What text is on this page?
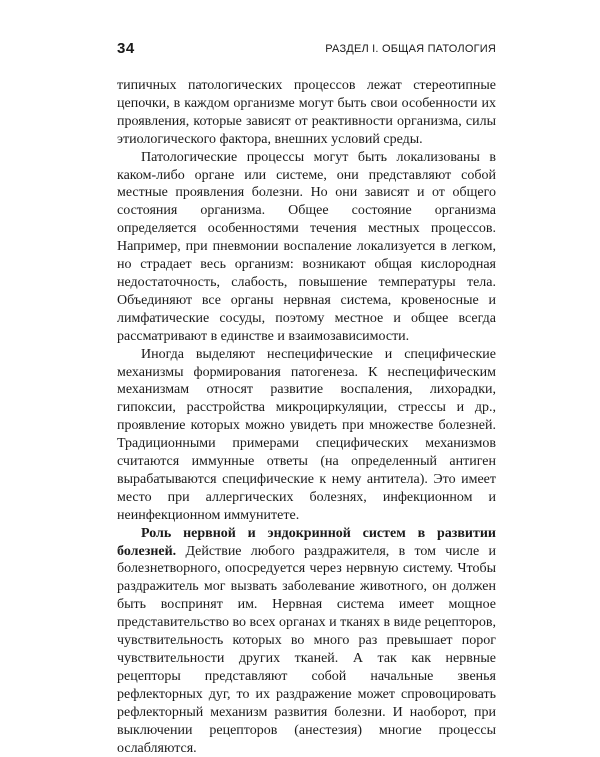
34	РАЗДЕЛ I. ОБЩАЯ ПАТОЛОГИЯ

типичных патологических процессов лежат стереотипные цепочки, в каждом организме могут быть свои особенности их проявления, которые зависят от реактивности организма, силы этиологического фактора, внешних условий среды.

Патологические процессы могут быть локализованы в каком-либо органе или системе, они представляют собой местные проявления болезни. Но они зависят и от общего состояния организма. Общее состояние организма определяется особенностями течения местных процессов. Например, при пневмонии воспаление локализуется в легком, но страдает весь организм: возникают общая кислородная недостаточность, слабость, повышение температуры тела. Объединяют все органы нервная система, кровеносные и лимфатические сосуды, поэтому местное и общее всегда рассматривают в единстве и взаимозависимости.

Иногда выделяют неспецифические и специфические механизмы формирования патогенеза. К неспецифическим механизмам относят развитие воспаления, лихорадки, гипоксии, расстройства микроциркуляции, стрессы и др., проявление которых можно увидеть при множестве болезней. Традиционными примерами специфических механизмов считаются иммунные ответы (на определенный антиген вырабатываются специфические к нему антитела). Это имеет место при аллергических болезнях, инфекционном и неинфекционном иммунитете.

Роль нервной и эндокринной систем в развитии болезней. Действие любого раздражителя, в том числе и болезнетворного, опосредуется через нервную систему. Чтобы раздражитель мог вызвать заболевание животного, он должен быть воспринят им. Нервная система имеет мощное представительство во всех органах и тканях в виде рецепторов, чувствительность которых во много раз превышает порог чувствительности других тканей. А так как нервные рецепторы представляют собой начальные звенья рефлекторных дуг, то их раздражение может спровоцировать рефлекторный механизм развития болезни. И наоборот, при выключении рецепторов (анестезия) многие процессы ослабляются.
